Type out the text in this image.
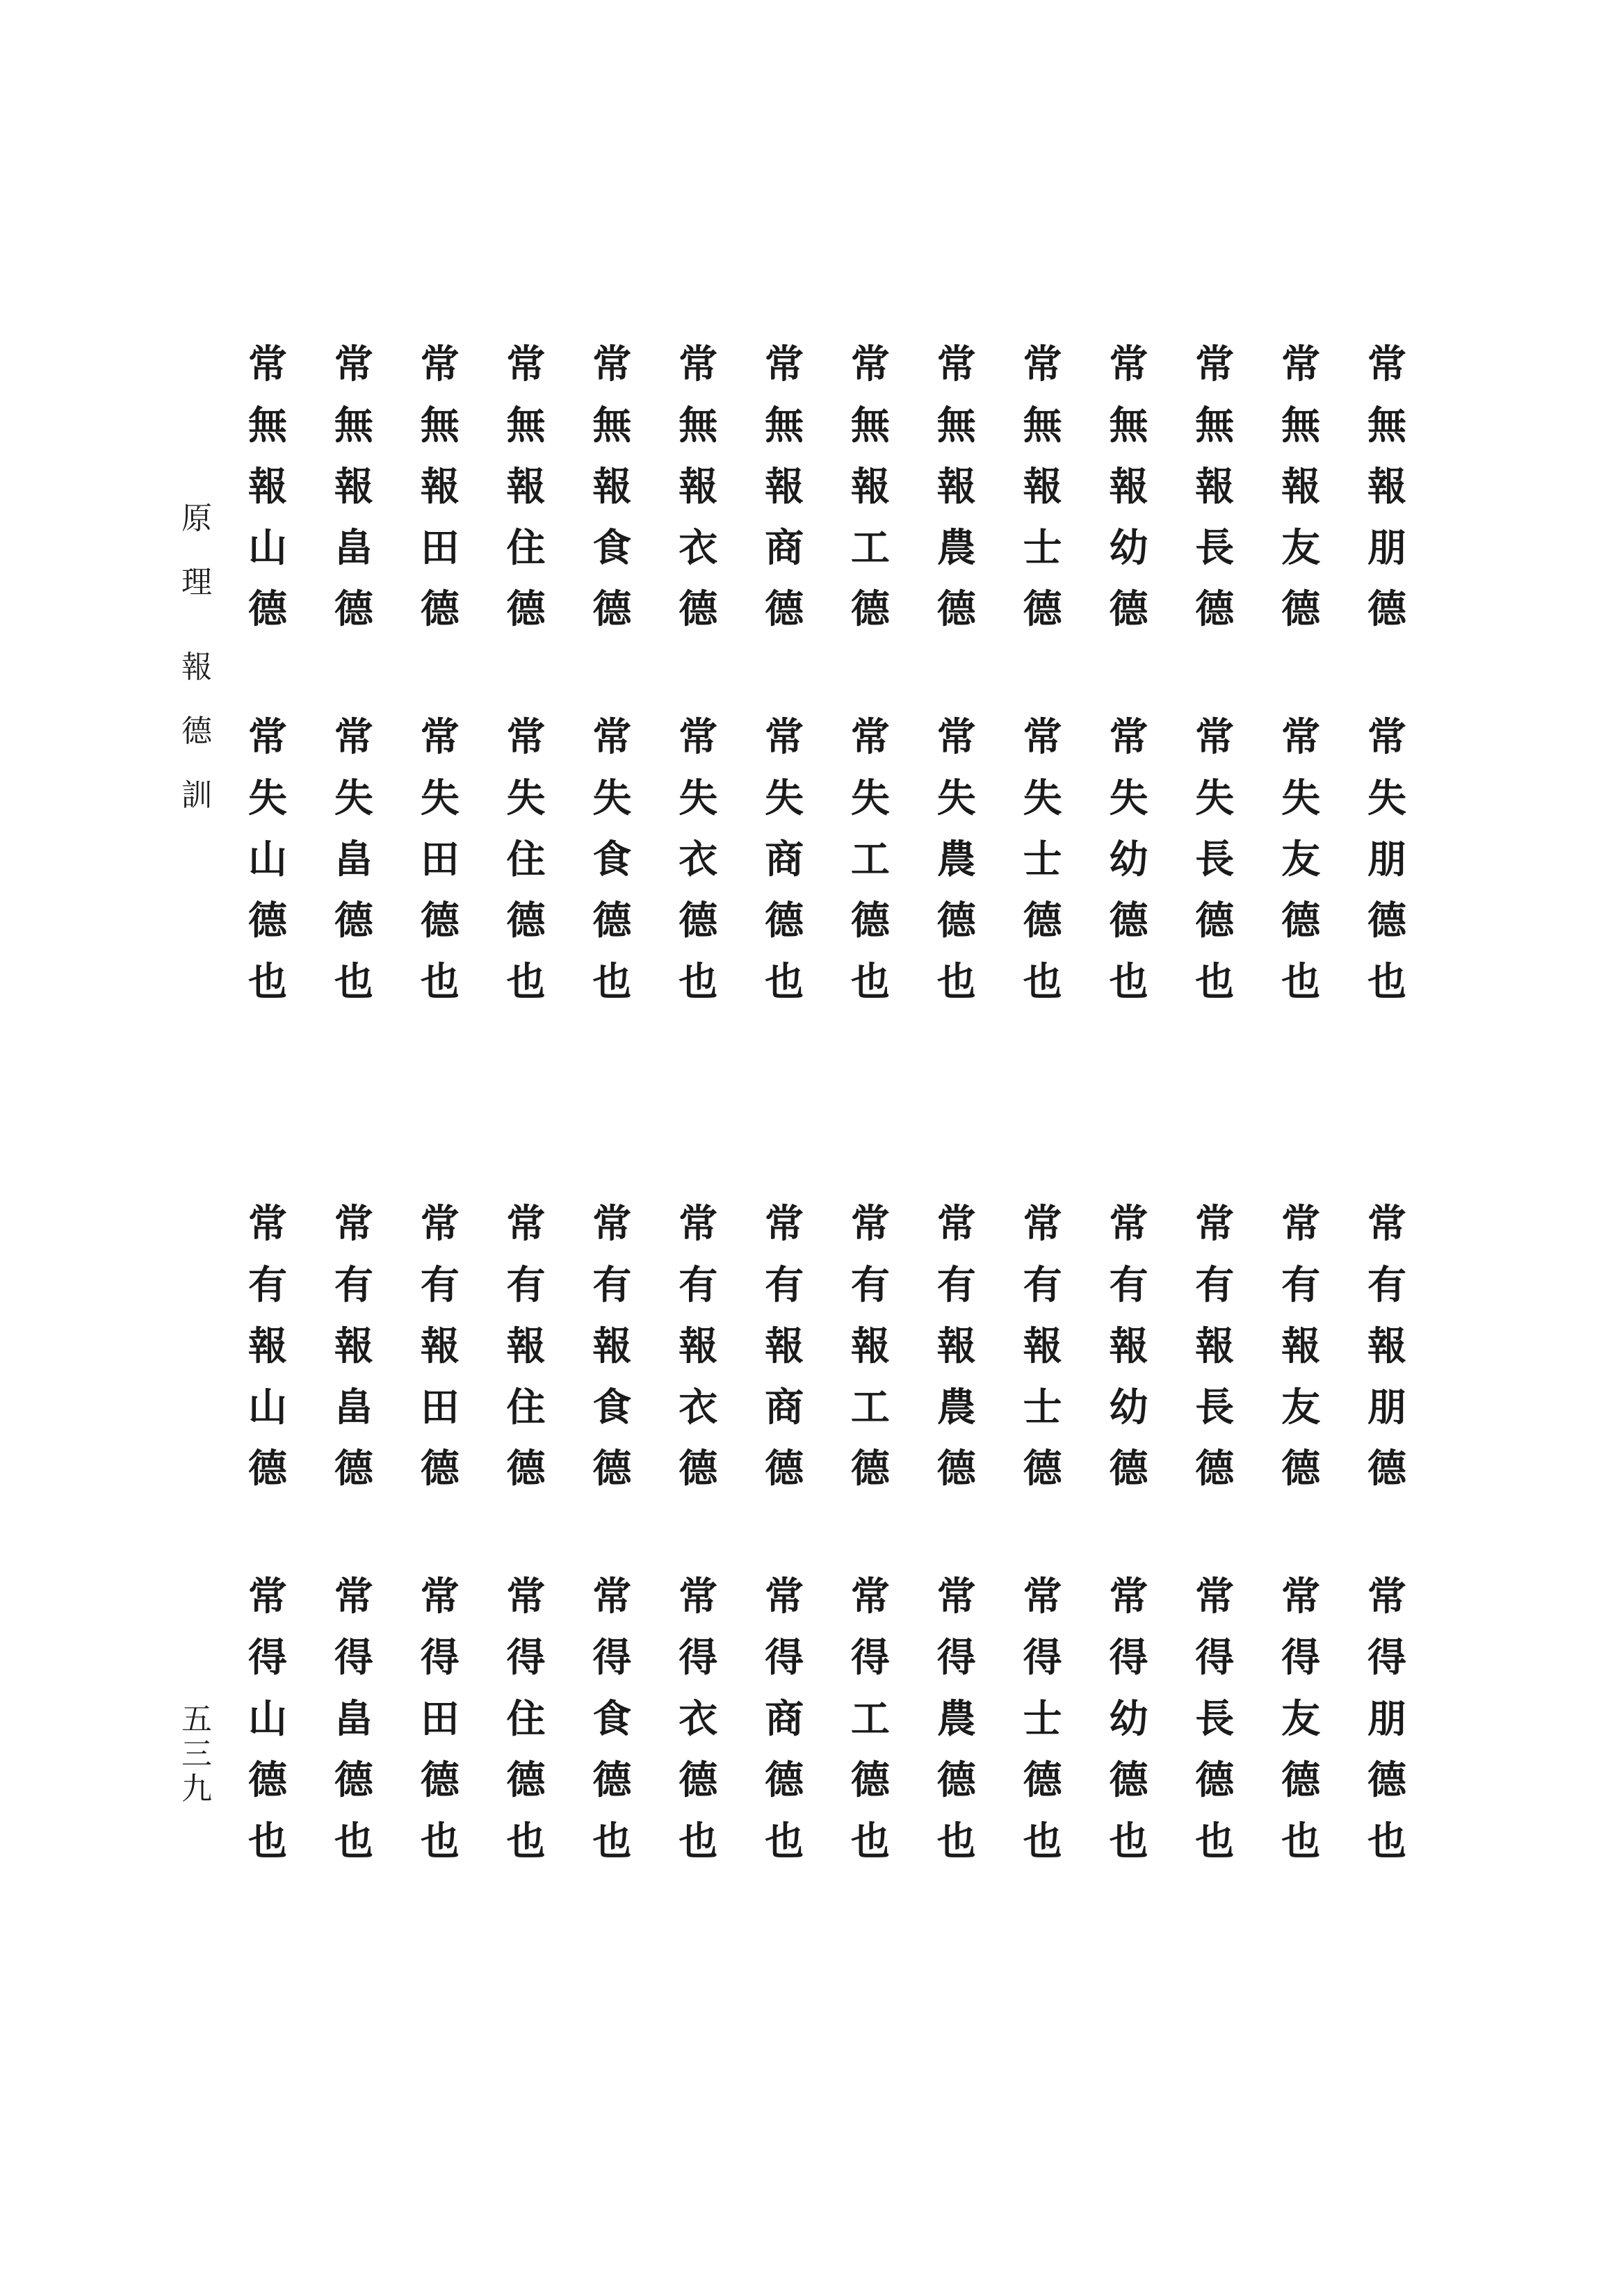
原
理
報
德
訓
五
三
九
常
無
報
朋
德
常
無
報
友
德
常
無
報
長
德
常
無
報
幼
德
常
無
報
士
德
常
無
報
農
德
常
無
報
工
德
常
無
報
商
德
常
無
報
衣
德
常
無
報
食
德
常
無
報
住
德
常
無
報
田
德
常
無
報
畠
德
常
無
報
山
德
常
失
朋
德
也
常
失
友
德
也
常
失
長
德
也
常
失
幼
德
也
常
失
士
德
也
常
失
農
德
也
常
失
工
德
也
常
失
商
德
也
常
失
衣
德
也
常
失
食
德
也
常
失
住
德
也
常
失
田
德
也
常
失
畠
德
也
常
失
山
德
也
常
有
報
朋
德
常
有
報
友
德
常
有
報
長
德
常
有
報
幼
德
常
有
報
士
德
常
有
報
農
德
常
有
報
工
德
常
有
報
商
德
常
有
報
衣
德
常
有
報
食
德
常
有
報
住
德
常
有
報
田
德
常
有
報
畠
德
常
有
報
山
德
常
得
朋
德
也
常
得
友
德
也
常
得
長
德
也
常
得
幼
德
也
常
得
士
德
也
常
得
農
德
也
常
得
工
德
也
常
得
商
德
也
常
得
衣
德
也
常
得
食
德
也
常
得
住
德
也
常
得
田
德
也
常
得
畠
德
也
常
得
山
德
也
